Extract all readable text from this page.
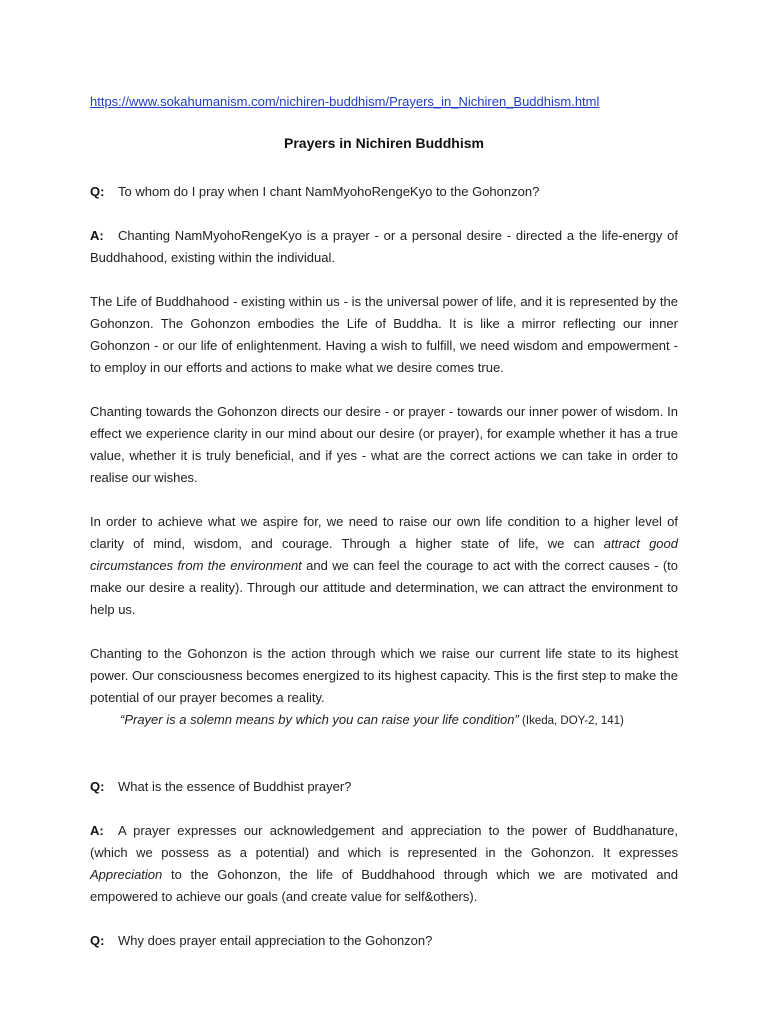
https://www.sokahumanism.com/nichiren-buddhism/Prayers_in_Nichiren_Buddhism.html
Prayers in Nichiren Buddhism

Q: To whom do I pray when I chant NamMyohoRengeKyo to the Gohonzon?

A: Chanting NamMyohoRengeKyo is a prayer - or a personal desire - directed a the life-energy of Buddhahood, existing within the individual.

The Life of Buddhahood - existing within us - is the universal power of life, and it is represented by the Gohonzon. The Gohonzon embodies the Life of Buddha. It is like a mirror reflecting our inner Gohonzon - or our life of enlightenment. Having a wish to fulfill, we need wisdom and empowerment - to employ in our efforts and actions to make what we desire comes true.

Chanting towards the Gohonzon directs our desire - or prayer - towards our inner power of wisdom. In effect we experience clarity in our mind about our desire (or prayer), for example whether it has a true value, whether it is truly beneficial, and if yes - what are the correct actions we can take in order to realise our wishes.

In order to achieve what we aspire for, we need to raise our own life condition to a higher level of clarity of mind, wisdom, and courage. Through a higher state of life, we can attract good circumstances from the environment and we can feel the courage to act with the correct causes - (to make our desire a reality). Through our attitude and determination, we can attract the environment to help us.

Chanting to the Gohonzon is the action through which we raise our current life state to its highest power. Our consciousness becomes energized to its highest capacity. This is the first step to make the potential of our prayer becomes a reality.

“Prayer is a solemn means by which you can raise your life condition” (Ikeda, DOY-2, 141)

Q: What is the essence of Buddhist prayer?

A: A prayer expresses our acknowledgement and appreciation to the power of Buddhanature, (which we possess as a potential) and which is represented in the Gohonzon. It expresses Appreciation to the Gohonzon, the life of Buddhahood through which we are motivated and empowered to achieve our goals (and create value for self&others).

Q: Why does prayer entail appreciation to the Gohonzon?
